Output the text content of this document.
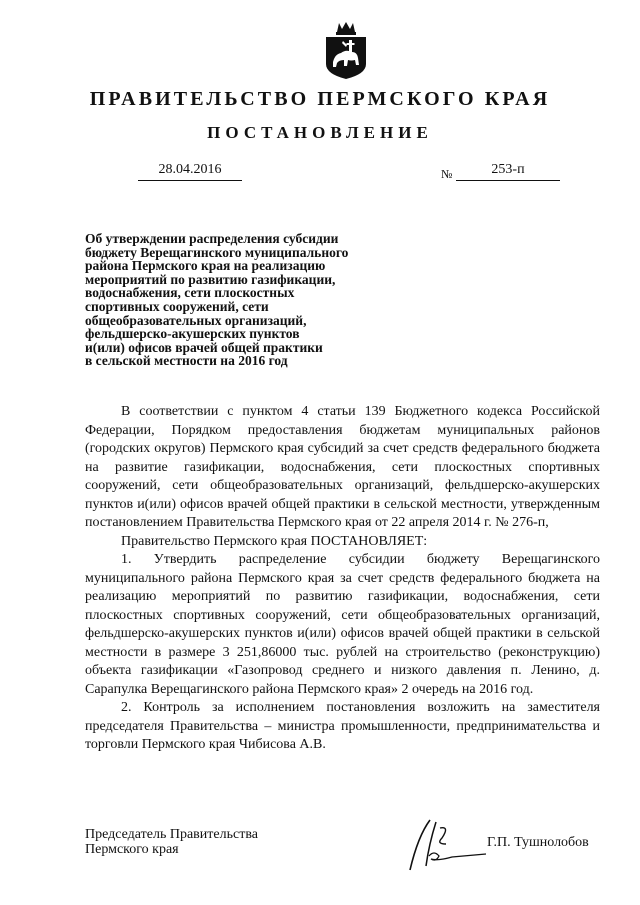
ПРАВИТЕЛЬСТВО ПЕРМСКОГО КРАЯ
ПОСТАНОВЛЕНИЕ
28.04.2016	№	253-п
Об утверждении распределения субсидии
бюджету Верещагинского муниципального
района Пермского края на реализацию
мероприятий по развитию газификации,
водоснабжения, сети плоскостных
спортивных сооружений, сети
общеобразовательных организаций,
фельдшерско-акушерских пунктов
и(или) офисов врачей общей практики
в сельской местности на 2016 год

В соответствии с пунктом 4 статьи 139 Бюджетного кодекса Российской Федерации, Порядком предоставления бюджетам муниципальных районов (городских округов) Пермского края субсидий за счет средств федерального бюджета на развитие газификации, водоснабжения, сети плоскостных спортивных сооружений, сети общеобразовательных организаций, фельдшерско-акушерских пунктов и(или) офисов врачей общей практики в сельской местности, утвержденным постановлением Правительства Пермского края от 22 апреля 2014 г. № 276-п,

Правительство Пермского края ПОСТАНОВЛЯЕТ:

1. Утвердить распределение субсидии бюджету Верещагинского муниципального района Пермского края за счет средств федерального бюджета на реализацию мероприятий по развитию газификации, водоснабжения, сети плоскостных спортивных сооружений, сети общеобразовательных организаций, фельдшерско-акушерских пунктов и(или) офисов врачей общей практики в сельской местности в размере 3 251,86000 тыс. рублей на строительство (реконструкцию) объекта газификации «Газопровод среднего и низкого давления п. Ленино, д. Сарапулка Верещагинского района Пермского края» 2 очередь на 2016 год.

2. Контроль за исполнением постановления возложить на заместителя председателя Правительства – министра промышленности, предпринимательства и торговли Пермского края Чибисова А.В.

Председатель Правительства
Пермского края	Г.П. Тушнолобов
